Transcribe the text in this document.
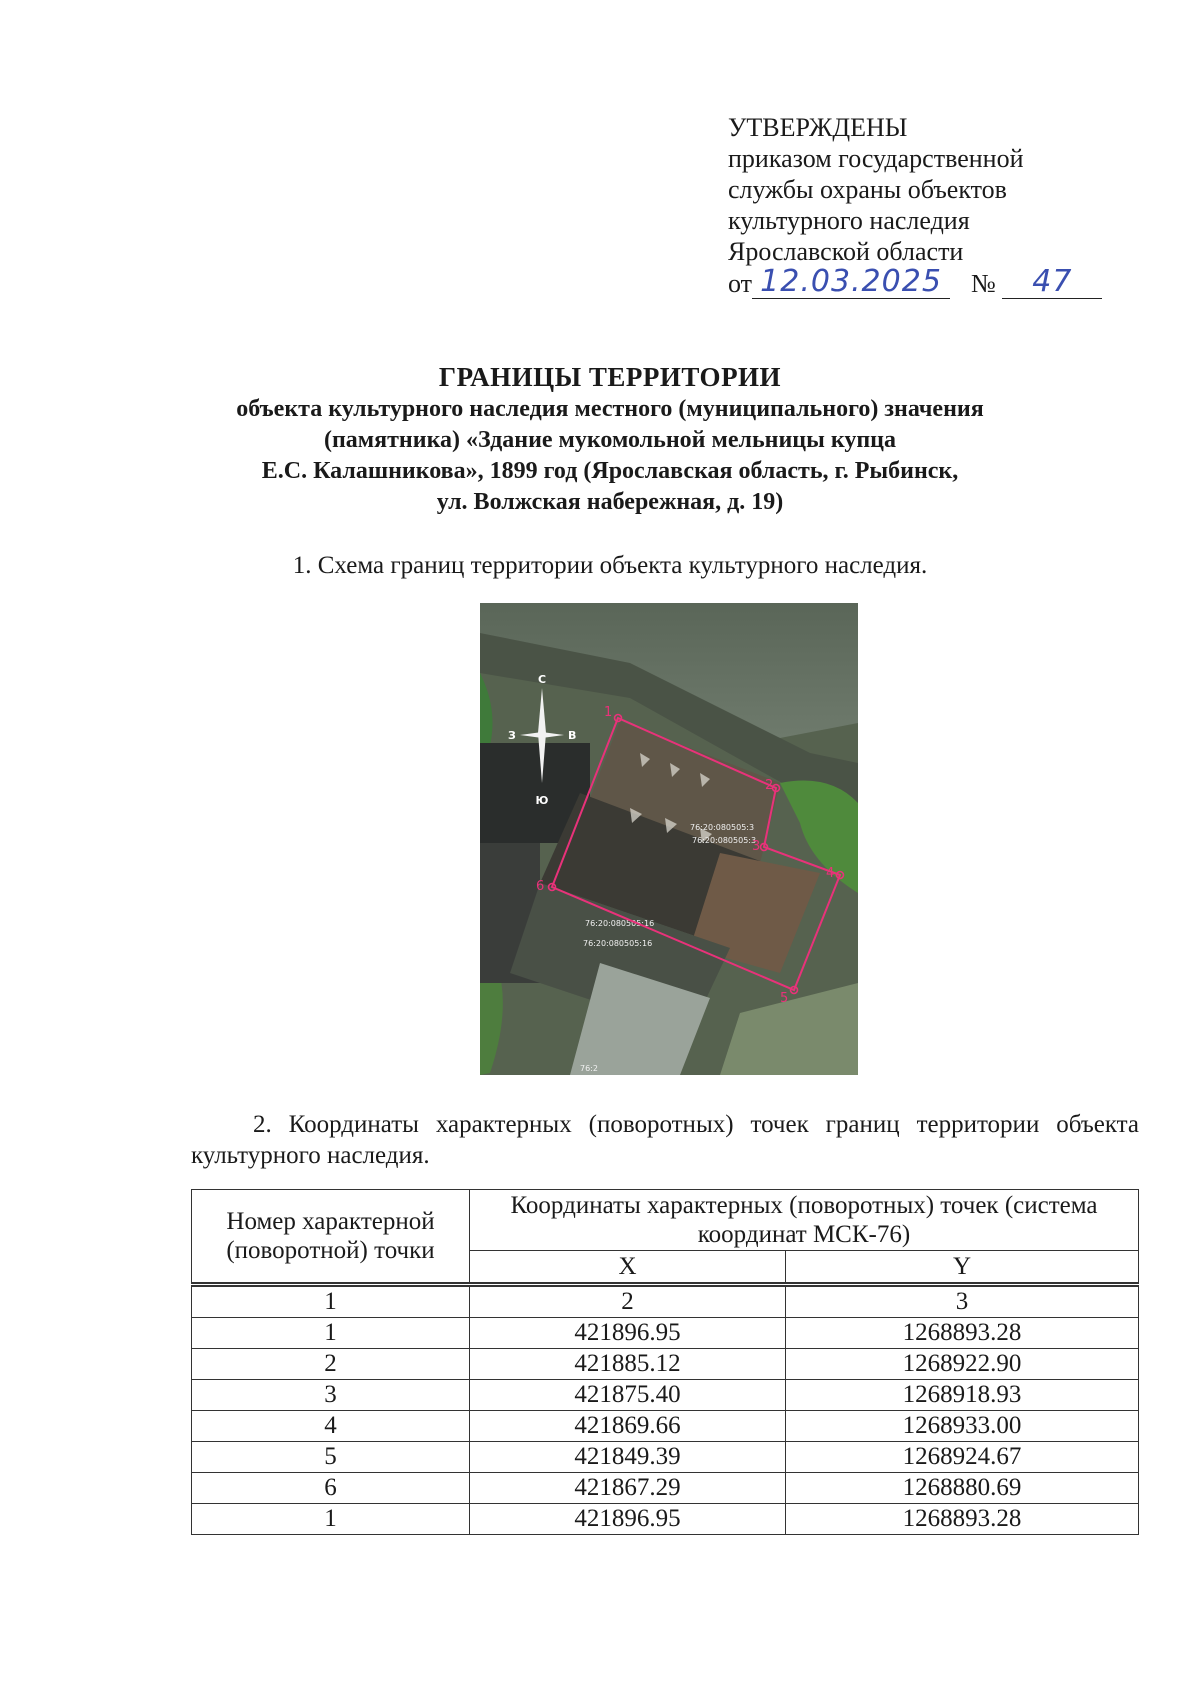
УТВЕРЖДЕНЫ
приказом государственной
службы охраны объектов
культурного наследия
Ярославской области
от 12.03.2025 № 47
ГРАНИЦЫ ТЕРРИТОРИИ
объекта культурного наследия местного (муниципального) значения
(памятника) «Здание мукомольной мельницы купца
Е.С. Калашникова», 1899 год (Ярославская область, г. Рыбинск,
ул. Волжская набережная, д. 19)
1. Схема границ территории объекта культурного наследия.
С
Ю
В
З
76:20:080505:3
76:20:080505:3
76:20:080505:16
76:20:080505:16
76:2
1
2
3
4
5
6
2. Координаты характерных (поворотных) точек границ территории объекта культурного наследия.
Номер характерной (поворотной) точки	Координаты характерных (поворотных) точек (система координат МСК-76)	
	X	Y
1	2	3
1	421896.95	1268893.28
2	421885.12	1268922.90
3	421875.40	1268918.93
4	421869.66	1268933.00
5	421849.39	1268924.67
6	421867.29	1268880.69
1	421896.95	1268893.28
